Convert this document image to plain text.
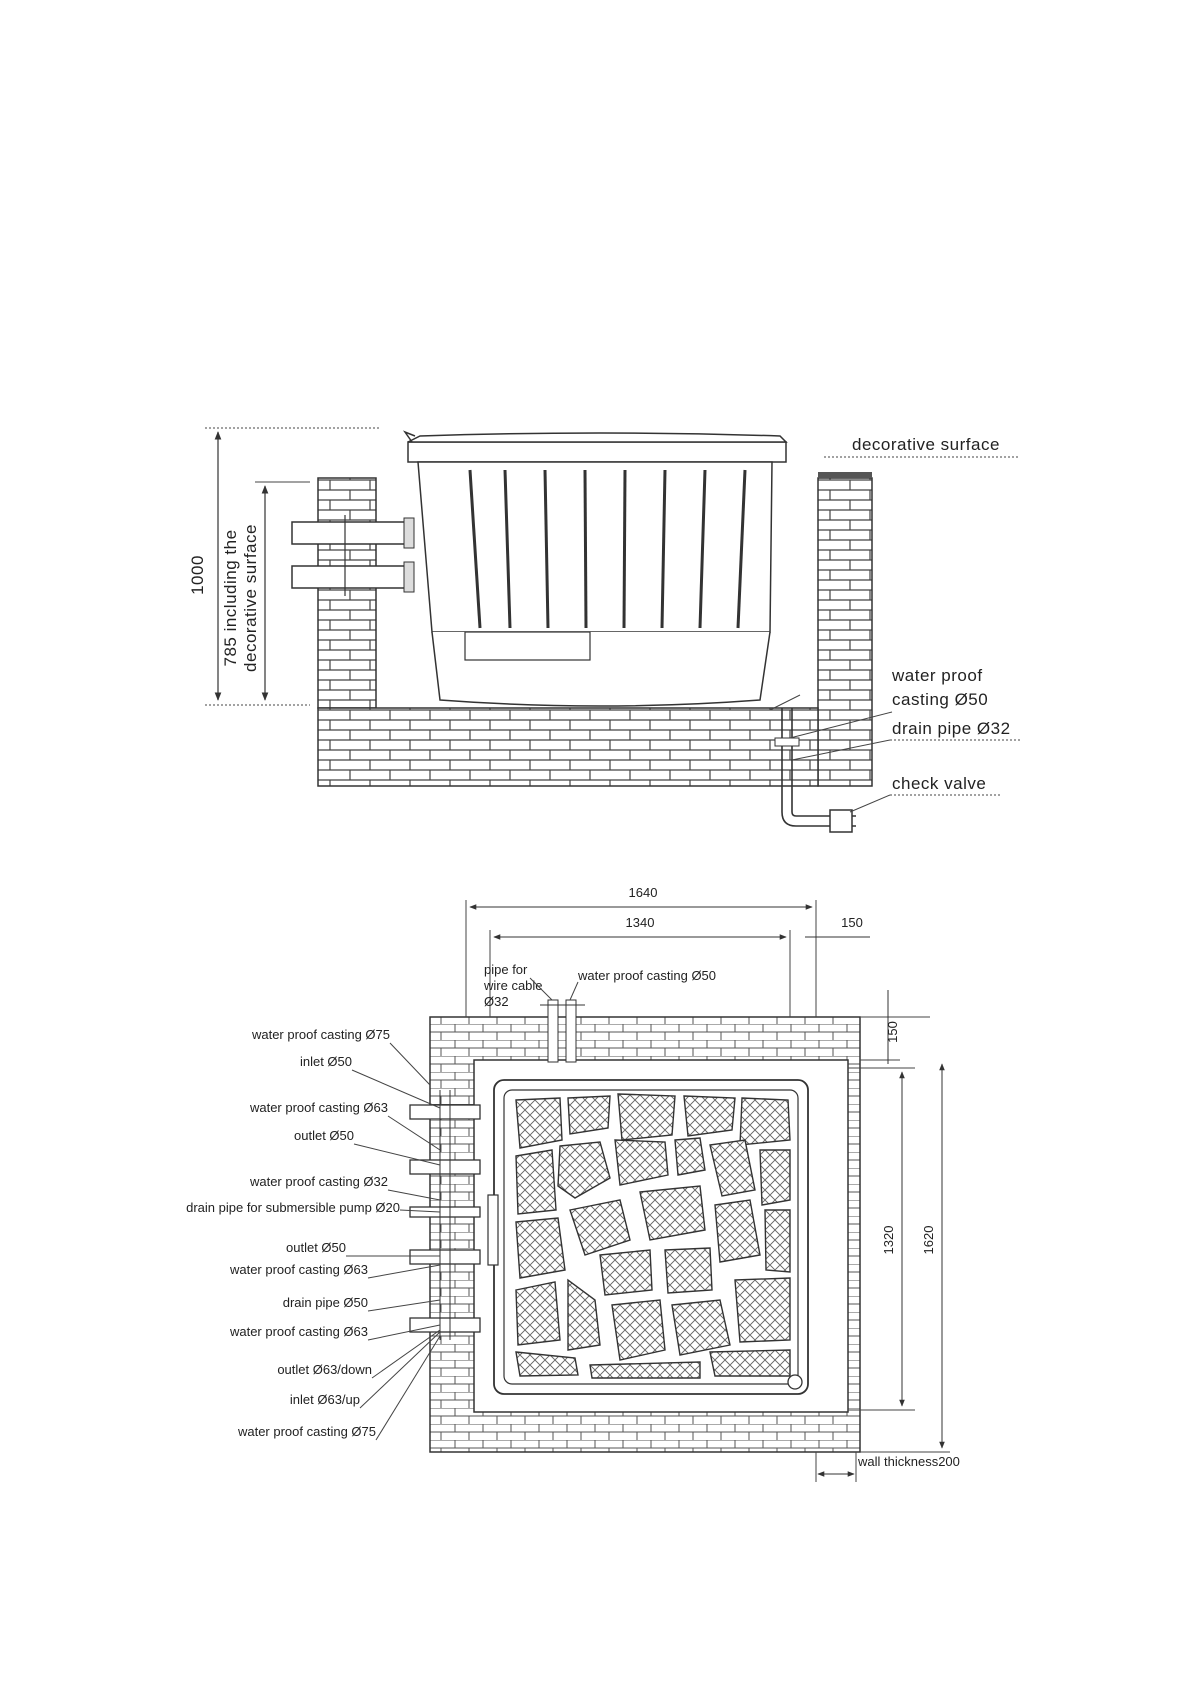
1000 785 including the decorative surface
decorative surface
water proof
casting Ø50
drain pipe Ø32
check valve
1640
1340	150
150
1320 1620
wall thickness200
pipe for
wire cable
Ø32
water proof casting Ø50
water proof casting Ø75
inlet Ø50
water proof casting Ø63
outlet Ø50
water proof casting Ø32
drain pipe for submersible pump Ø20
outlet Ø50
water proof casting Ø63
drain pipe Ø50
water proof casting Ø63
outlet Ø63/down
inlet Ø63/up
water proof casting Ø75
